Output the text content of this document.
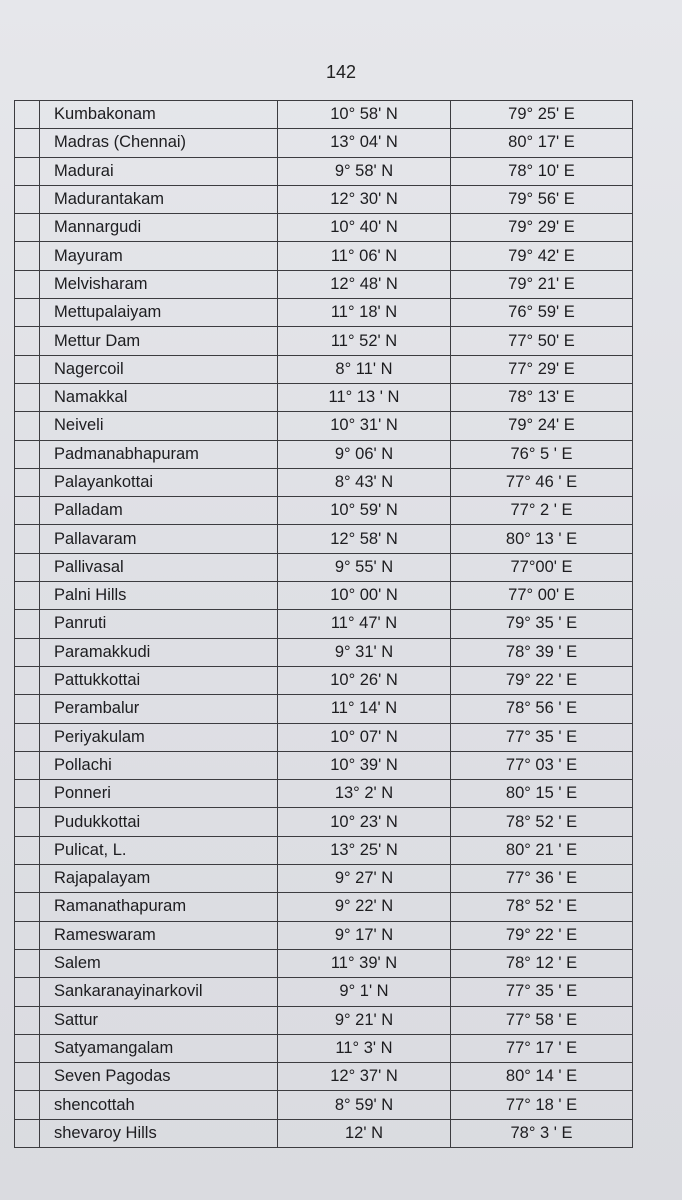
142
	Kumbakonam	10° 58' N	79° 25' E
	Madras (Chennai)	13° 04' N	80° 17' E
	Madurai	9° 58' N	78° 10' E
	Madurantakam	12° 30' N	79° 56' E
	Mannargudi	10° 40' N	79° 29' E
	Mayuram	11° 06' N	79° 42' E
	Melvisharam	12° 48' N	79° 21' E
	Mettupalaiyam	11° 18' N	76° 59' E
	Mettur Dam	11° 52' N	77° 50' E
	Nagercoil	8° 11' N	77° 29' E
	Namakkal	11° 13 ' N	78° 13' E
	Neiveli	10° 31' N	79° 24' E
	Padmanabhapuram	9° 06' N	76° 5 ' E
	Palayankottai	8° 43' N	77° 46 ' E
	Palladam	10° 59' N	77° 2 ' E
	Pallavaram	12° 58' N	80° 13 ' E
	Pallivasal	9° 55' N	77°00' E
	Palni Hills	10° 00' N	77° 00' E
	Panruti	11° 47' N	79° 35 ' E
	Paramakkudi	9° 31' N	78° 39 ' E
	Pattukkottai	10° 26' N	79° 22 ' E
	Perambalur	11° 14' N	78° 56 ' E
	Periyakulam	10° 07' N	77° 35 ' E
	Pollachi	10° 39' N	77° 03 ' E
	Ponneri	13° 2' N	80° 15 ' E
	Pudukkottai	10° 23' N	78° 52 ' E
	Pulicat, L.	13° 25' N	80° 21 ' E
	Rajapalayam	9° 27' N	77° 36 ' E
	Ramanathapuram	9° 22' N	78° 52 ' E
	Rameswaram	9° 17' N	79° 22 ' E
	Salem	11° 39' N	78° 12 ' E
	Sankaranayinarkovil	9° 1' N	77° 35 ' E
	Sattur	9° 21' N	77° 58 ' E
	Satyamangalam	11° 3' N	77° 17 ' E
	Seven Pagodas	12° 37' N	80° 14 ' E
	shencottah	8° 59' N	77° 18 ' E
	shevaroy Hills	12' N	78° 3 ' E
